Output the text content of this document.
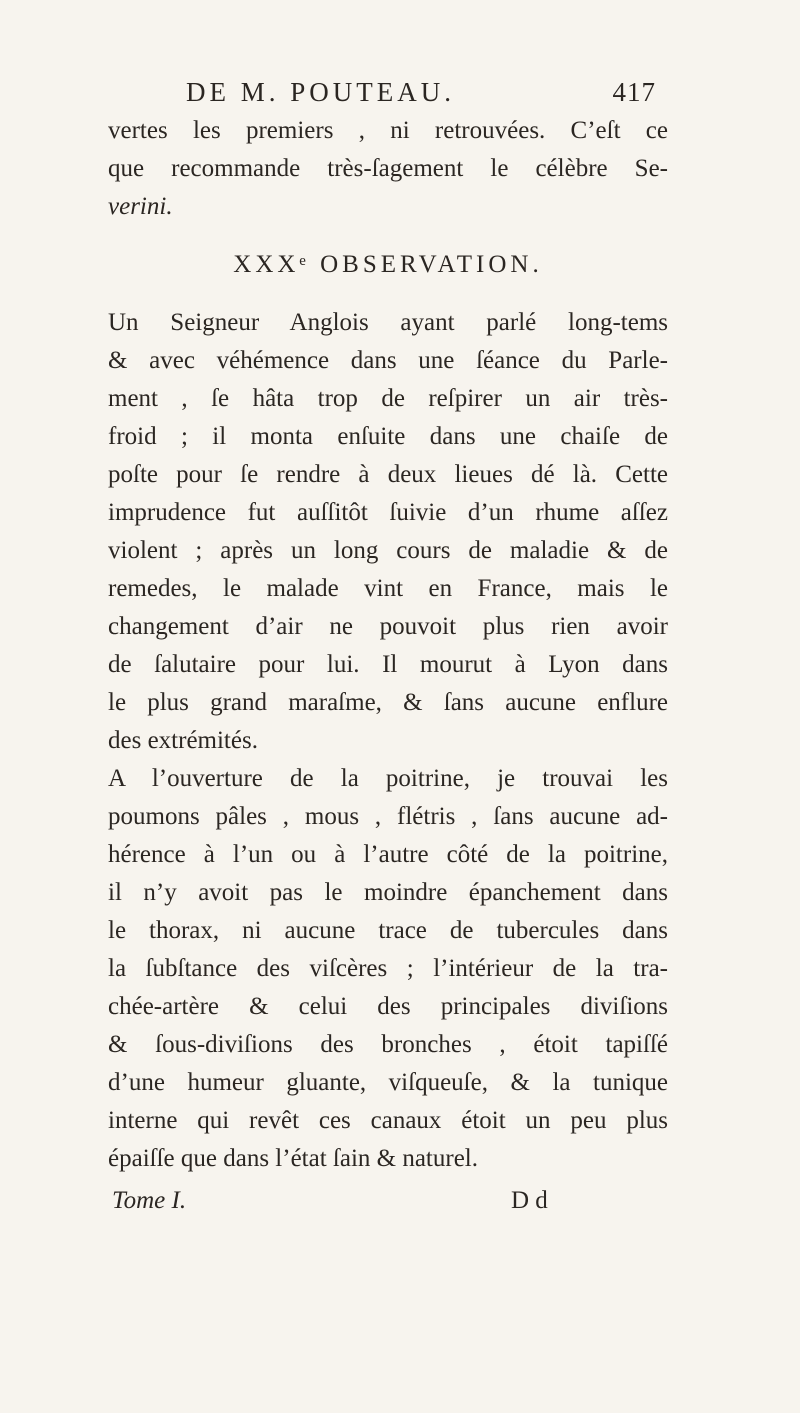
DE M. POUTEAU.	417
vertes les premiers , ni retrouvées. C’eſt ce
que recommande très-ſagement le célèbre Se-
verini.
XXXᵉ OBSERVATION.
Un Seigneur Anglois ayant parlé long-tems
& avec véhémence dans une ſéance du Parle-
ment , ſe hâta trop de reſpirer un air très-
froid ; il monta enſuite dans une chaiſe de
poſte pour ſe rendre à deux lieues dé là. Cette
imprudence fut auſſitôt ſuivie d’un rhume aſſez
violent ; après un long cours de maladie & de
remedes, le malade vint en France, mais le
changement d’air ne pouvoit plus rien avoir
de ſalutaire pour lui. Il mourut à Lyon dans
le plus grand maraſme, & ſans aucune enflure
des extrémités.
A l’ouverture de la poitrine, je trouvai les
poumons pâles , mous , flétris , ſans aucune ad-
hérence à l’un ou à l’autre côté de la poitrine,
il n’y avoit pas le moindre épanchement dans
le thorax, ni aucune trace de tubercules dans
la ſubſtance des viſcères ; l’intérieur de la tra-
chée-artère & celui des principales diviſions
& ſous-diviſions des bronches , étoit tapiſſé
d’une humeur gluante, viſqueuſe, & la tunique
interne qui revêt ces canaux étoit un peu plus
épaiſſe que dans l’état ſain & naturel.
Tome I.	D d
